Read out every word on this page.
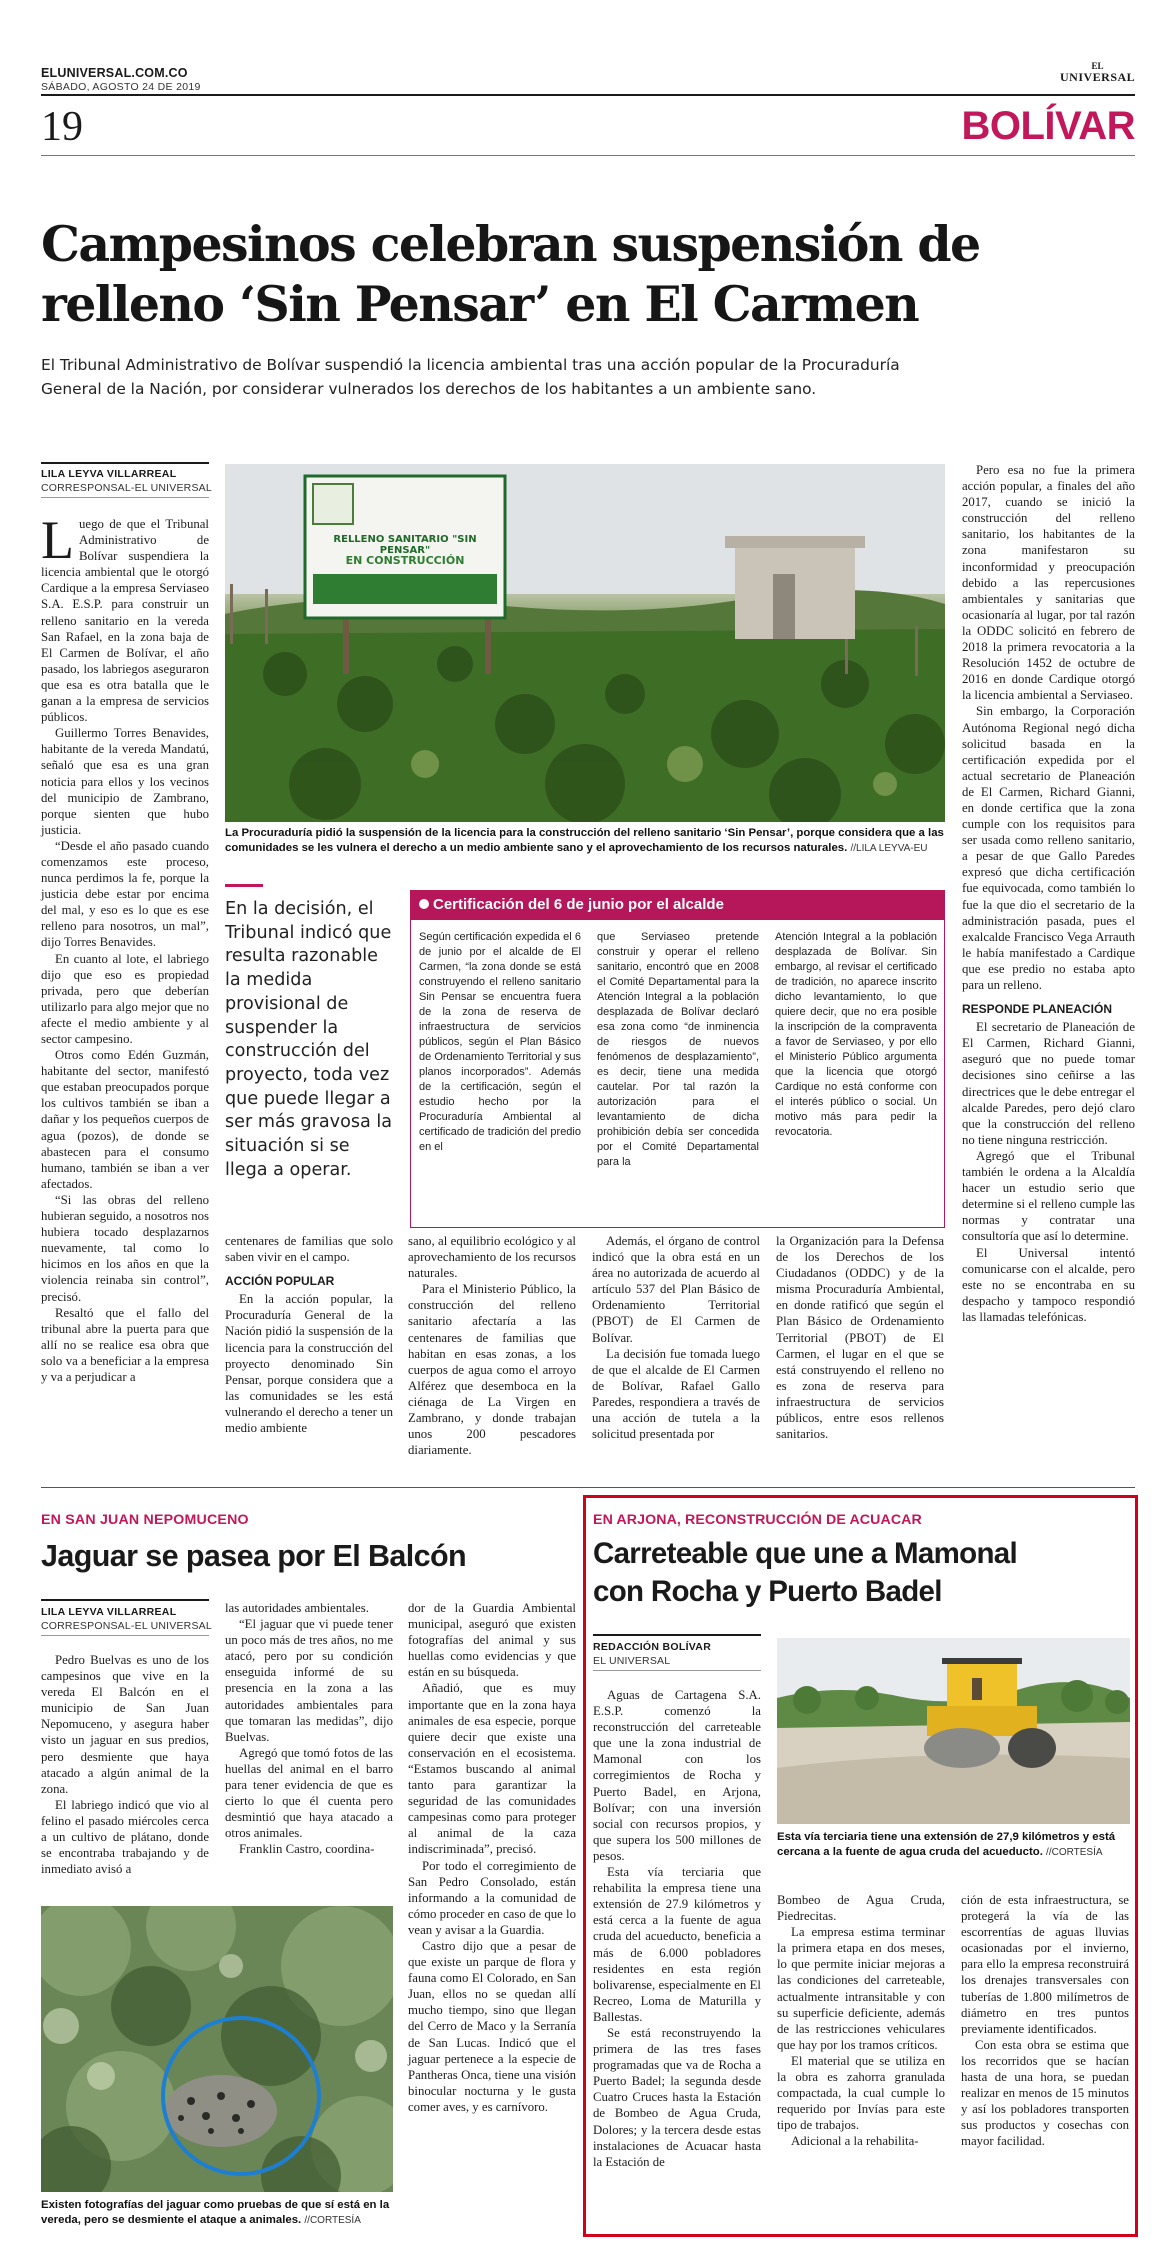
ELUNIVERSAL.COM.CO
SÁBADO, AGOSTO 24 DE 2019
EL
UNIVERSAL
19	BOLÍVAR
Campesinos celebran suspensión de
relleno ‘Sin Pensar’ en El Carmen
El Tribunal Administrativo de Bolívar suspendió la licencia ambiental tras una acción popular de la Procuraduría General de la Nación, por considerar vulnerados los derechos de los habitantes a un ambiente sano.
LILA LEYVA VILLARREAL
CORRESPONSAL-EL UNIVERSAL
RELLENO SANITARIO "SIN PENSAR"
EN CONSTRUCCIÓN
La Procuraduría pidió la suspensión de la licencia para la construcción del relleno sanitario ‘Sin Pensar’, porque considera que a las comunidades se les vulnera el derecho a un medio ambiente sano y el aprovechamiento de los recursos naturales. //LILA LEYVA-EU

Luego de que el Tribunal Administrativo de Bolívar suspendiera la licencia ambiental que le otorgó Cardique a la empresa Serviaseo S.A. E.S.P. para construir un relleno sanitario en la vereda San Rafael, en la zona baja de El Carmen de Bolívar, el año pasado, los labriegos aseguraron que esa es otra batalla que le ganan a la empresa de servicios públicos.

Guillermo Torres Benavides, habitante de la vereda Mandatú, señaló que esa es una gran noticia para ellos y los vecinos del municipio de Zambrano, porque sienten que hubo justicia.

“Desde el año pasado cuando comenzamos este proceso, nunca perdimos la fe, porque la justicia debe estar por encima del mal, y eso es lo que es ese relleno para nosotros, un mal”, dijo Torres Benavides.

En cuanto al lote, el labriego dijo que eso es propiedad privada, pero que deberían utilizarlo para algo mejor que no afecte el medio ambiente y al sector campesino.

Otros como Edén Guzmán, habitante del sector, manifestó que estaban preocupados porque los cultivos también se iban a dañar y los pequeños cuerpos de agua (pozos), de donde se abastecen para el consumo humano, también se iban a ver afectados.

“Si las obras del relleno hubieran seguido, a nosotros nos hubiera tocado desplazarnos nuevamente, tal como lo hicimos en los años en que la violencia reinaba sin control”, precisó.

Resaltó que el fallo del tribunal abre la puerta para que allí no se realice esa obra que solo va a beneficiar a la empresa y va a perjudicar a

En la decisión, el Tribunal indicó que resulta razonable la medida provisional de suspender la construcción del proyecto, toda vez que puede llegar a ser más gravosa la situación si se llega a operar.
Certificación del 6 de junio por el alcalde
Según certificación expedida el 6 de junio por el alcalde de El Carmen, “la zona donde se está construyendo el relleno sanitario Sin Pensar se encuentra fuera de la zona de reserva de infraestructura de servicios públicos, según el Plan Básico de Ordenamiento Territorial y sus planos incorporados”. Además de la certificación, según el estudio hecho por la Procuraduría Ambiental al certificado de tradición del predio en el
que Serviaseo pretende construir y operar el relleno sanitario, encontró que en 2008 el Comité Departamental para la Atención Integral a la población desplazada de Bolívar declaró esa zona como “de inminencia de riesgos de nuevos fenómenos de desplazamiento”, es decir, tiene una medida cautelar. Por tal razón la autorización para el levantamiento de dicha prohibición debía ser concedida por el Comité Departamental para la
Atención Integral a la población desplazada de Bolívar. Sin embargo, al revisar el certificado de tradición, no aparece inscrito dicho levantamiento, lo que quiere decir, que no era posible la inscripción de la compraventa a favor de Serviaseo, y por ello el Ministerio Público argumenta que la licencia que otorgó Cardique no está conforme con el interés público o social. Un motivo más para pedir la revocatoria.

centenares de familias que solo saben vivir en el campo.

ACCIÓN POPULAR

En la acción popular, la Procuraduría General de la Nación pidió la suspensión de la licencia para la construcción del proyecto denominado Sin Pensar, porque considera que a las comunidades se les está vulnerando el derecho a tener un medio ambiente

sano, al equilibrio ecológico y al aprovechamiento de los recursos naturales.

Para el Ministerio Público, la construcción del relleno sanitario afectaría a las centenares de familias que habitan en esas zonas, a los cuerpos de agua como el arroyo Alférez que desemboca en la ciénaga de La Virgen en Zambrano, y donde trabajan unos 200 pescadores diariamente.

Además, el órgano de control indicó que la obra está en un área no autorizada de acuerdo al artículo 537 del Plan Básico de Ordenamiento Territorial (PBOT) de El Carmen de Bolívar.

La decisión fue tomada luego de que el alcalde de El Carmen de Bolívar, Rafael Gallo Paredes, respondiera a través de una acción de tutela a la solicitud presentada por

la Organización para la Defensa de los Derechos de los Ciudadanos (ODDC) y de la misma Procuraduría Ambiental, en donde ratificó que según el Plan Básico de Ordenamiento Territorial (PBOT) de El Carmen, el lugar en el que se está construyendo el relleno no es zona de reserva para infraestructura de servicios públicos, entre esos rellenos sanitarios.

Pero esa no fue la primera acción popular, a finales del año 2017, cuando se inició la construcción del relleno sanitario, los habitantes de la zona manifestaron su inconformidad y preocupación debido a las repercusiones ambientales y sanitarias que ocasionaría al lugar, por tal razón la ODDC solicitó en febrero de 2018 la primera revocatoria a la Resolución 1452 de octubre de 2016 en donde Cardique otorgó la licencia ambiental a Serviaseo.

Sin embargo, la Corporación Autónoma Regional negó dicha solicitud basada en la certificación expedida por el actual secretario de Planeación de El Carmen, Richard Gianni, en donde certifica que la zona cumple con los requisitos para ser usada como relleno sanitario, a pesar de que Gallo Paredes expresó que dicha certificación fue equivocada, como también lo fue la que dio el secretario de la administración pasada, pues el exalcalde Francisco Vega Arrauth le había manifestado a Cardique que ese predio no estaba apto para un relleno.

RESPONDE PLANEACIÓN

El secretario de Planeación de El Carmen, Richard Gianni, aseguró que no puede tomar decisiones sino ceñirse a las directrices que le debe entregar el alcalde Paredes, pero dejó claro que la construcción del relleno no tiene ninguna restricción.

Agregó que el Tribunal también le ordena a la Alcaldía hacer un estudio serio que determine si el relleno cumple las normas y contratar una consultoría que así lo determine.

El Universal intentó comunicarse con el alcalde, pero este no se encontraba en su despacho y tampoco respondió las llamadas telefónicas.

EN SAN JUAN NEPOMUCENO
Jaguar se pasea por El Balcón
LILA LEYVA VILLARREAL
CORRESPONSAL-EL UNIVERSAL

Pedro Buelvas es uno de los campesinos que vive en la vereda El Balcón en el municipio de San Juan Nepomuceno, y asegura haber visto un jaguar en sus predios, pero desmiente que haya atacado a algún animal de la zona.

El labriego indicó que vio al felino el pasado miércoles cerca a un cultivo de plátano, donde se encontraba trabajando y de inmediato avisó a

las autoridades ambientales.

“El jaguar que vi puede tener un poco más de tres años, no me atacó, pero por su condición enseguida informé de su presencia en la zona a las autoridades ambientales para que tomaran las medidas”, dijo Buelvas.

Agregó que tomó fotos de las huellas del animal en el barro para tener evidencia de que es cierto lo que él cuenta pero desmintió que haya atacado a otros animales.

Franklin Castro, coordina-

dor de la Guardia Ambiental municipal, aseguró que existen fotografías del animal y sus huellas como evidencias y que están en su búsqueda.

Añadió, que es muy importante que en la zona haya animales de esa especie, porque quiere decir que existe una conservación en el ecosistema. “Estamos buscando al animal tanto para garantizar la seguridad de las comunidades campesinas como para proteger al animal de la caza indiscriminada”, precisó.

Por todo el corregimiento de San Pedro Consolado, están informando a la comunidad de cómo proceder en caso de que lo vean y avisar a la Guardia.

Castro dijo que a pesar de que existe un parque de flora y fauna como El Colorado, en San Juan, ellos no se quedan allí mucho tiempo, sino que llegan del Cerro de Maco y la Serranía de San Lucas. Indicó que el jaguar pertenece a la especie de Pantheras Onca, tiene una visión binocular nocturna y le gusta comer aves, y es carnívoro.

Existen fotografías del jaguar como pruebas de que sí está en la vereda, pero se desmiente el ataque a animales. //CORTESÍA
EN ARJONA, RECONSTRUCCIÓN DE ACUACAR
Carreteable que une a Mamonal
con Rocha y Puerto Badel
REDACCIÓN BOLÍVAR
EL UNIVERSAL

Aguas de Cartagena S.A. E.S.P. comenzó la reconstrucción del carreteable que une la zona industrial de Mamonal con los corregimientos de Rocha y Puerto Badel, en Arjona, Bolívar; con una inversión social con recursos propios, y que supera los 500 millones de pesos.

Esta vía terciaria que rehabilita la empresa tiene una extensión de 27.9 kilómetros y está cerca a la fuente de agua cruda del acueducto, beneficia a más de 6.000 pobladores residentes en esta región bolivarense, especialmente en El Recreo, Loma de Maturilla y Ballestas.

Se está reconstruyendo la primera de las tres fases programadas que va de Rocha a Puerto Badel; la segunda desde Cuatro Cruces hasta la Estación de Bombeo de Agua Cruda, Dolores; y la tercera desde estas instalaciones de Acuacar hasta la Estación de

Esta vía terciaria tiene una extensión de 27,9 kilómetros y está cercana a la fuente de agua cruda del acueducto. //CORTESÍA

Bombeo de Agua Cruda, Piedrecitas.

La empresa estima terminar la primera etapa en dos meses, lo que permite iniciar mejoras a las condiciones del carreteable, actualmente intransitable y con su superficie deficiente, además de las restricciones vehiculares que hay por los tramos críticos.

El material que se utiliza en la obra es zahorra granulada compactada, la cual cumple lo requerido por Invías para este tipo de trabajos.

Adicional a la rehabilita-

ción de esta infraestructura, se protegerá la vía de las escorrentías de aguas lluvias ocasionadas por el invierno, para ello la empresa reconstruirá los drenajes transversales con tuberías de 1.800 milímetros de diámetro en tres puntos previamente identificados.

Con esta obra se estima que los recorridos que se hacían hasta de una hora, se puedan realizar en menos de 15 minutos y así los pobladores transporten sus productos y cosechas con mayor facilidad.
